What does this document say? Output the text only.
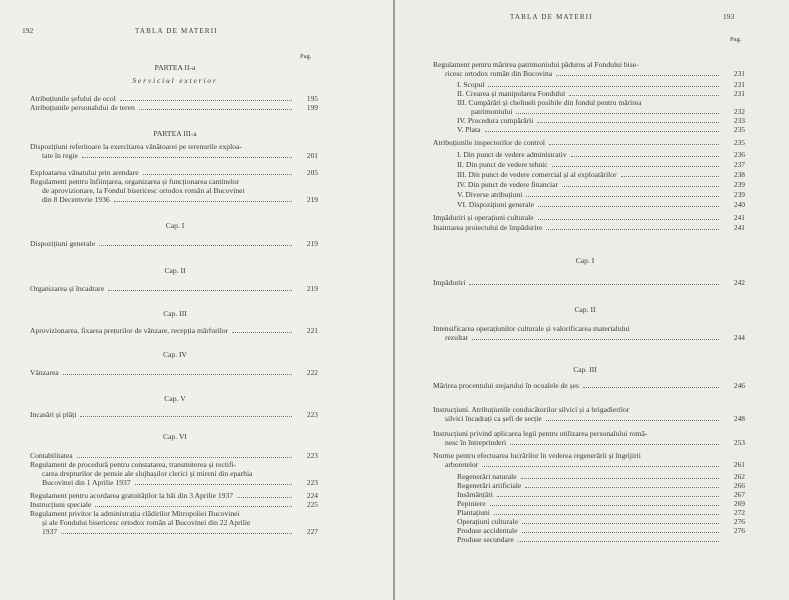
192	TABLA DE MATERII
Pag.
PARTEA II-a
Serviciul exterior
Atribuțiunile șefului de ocol	195
Atribuțiunile personalului de teren	199
PARTEA III-a
Dispozițiuni referitoare la exercitarea vânătoarei pe terenurile exploa-
tate în regie	201
Exploatarea vânatului prin arendare	205
Regulament pentru înființarea, organizarea și funcționarea cantinelor
de aprovizionare, la Fondul bisericesc ortodox român al Bucovinei
din 8 Decemvrie 1936	219
Cap. I
Dispozițiuni generale	219
Cap. II
Organizarea și încadrare	219
Cap. III
Aprovizionarea, fixarea prețurilor de vânzare, recepția mărfurilor	221
Cap. IV
Vânzarea	222
Cap. V
Incasări și plăți	223
Cap. VI
Contabilitatea	223
Regulament de procedură pentru constatarea, transmiterea și rectifi-
carea drepturilor de pensie ale slujbașilor clerici și mireni din eparhia
Bucovinei din 1 Aprilie 1937	223
Regulament pentru acordarea gratuităților la băi din 3 Aprilie 1937	224
Instrucțiuni speciale	225
Regulament privitor la administrația clădirilor Mitropoliei Bucovinei
și ale Fondului bisericesc ortodox român al Bucovinei din 22 Aprilie
1937	227
TABLA DE MATERII	193
Pag.
Regulament pentru mărirea patrimoniului păduros al Fondului bise-
ricesc ortodox român din Bucovina	231
I. Scopul	231
II. Crearea și manipularea Fondului	231
III. Cumpărări și cheltueli posibile din fondul pentru mărirea
patrimoniului	232
IV. Procedura cumpărării	233
V. Plata	235
Atribuțiunile inspectorilor de control	235
I. Din punct de vedere administrativ	236
II. Din punct de vedere tehnic	237
III. Din punct de vedere comercial și al exploatărilor	238
IV. Din punct de vedere financiar	239
V. Diverse atribuțiuni	239
VI. Dispozițiuni generale	240
Impăduriri și operațiuni culturale	241
Inaintarea proiectului de împădurire	241
Cap. I
Impăduriri	242
Cap. II
Intensificarea operațiunilor culturale și valorificarea materialului
rezultat	244
Cap. III
Mărirea procentului stejarului în ocoalele de șes	246
Instrucțiuni. Atribuțiunile conducătorilor silvici și a brigadierilor
silvici încadrați ca șefi de secție	248
Instrucțiuni privind aplicarea legii pentru utilizarea personalului româ-
nesc în întreprinderi	253
Norme pentru efectuarea lucrărilor în vederea regenerării și îngrijirii
arboretelor	261
Regenerări naturale	262
Regenerări artificiale	266
Insămânțări	267
Pepiniere	269
Plantațiuni	272
Operațiuni culturale	276
Produse accidentale	276
Produse secundare
